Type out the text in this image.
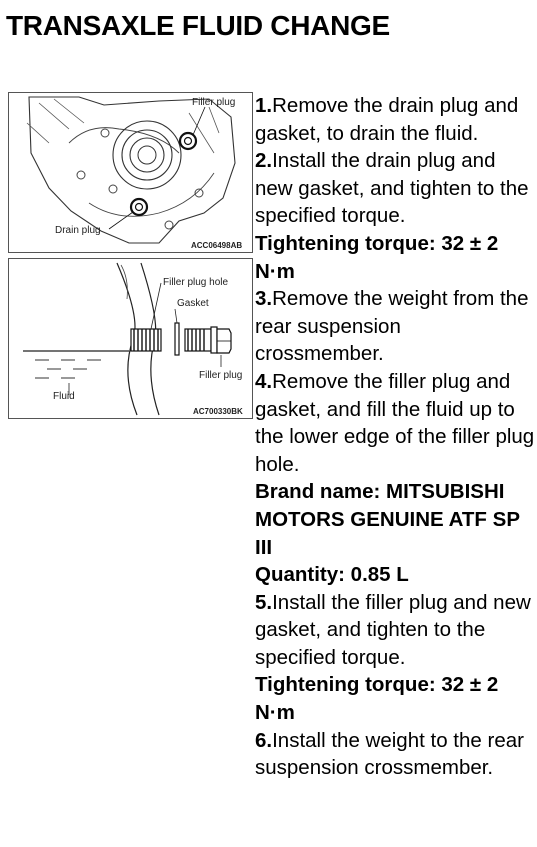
TRANSAXLE FLUID CHANGE
Filler plug
Drain plug
ACC06498AB
Filler plug hole
Gasket
Filler plug
Fluid
AC700330BK

1.Remove the drain plug and gasket, to drain the fluid.

2.Install the drain plug and new gasket, and tighten to the specified torque.

Tightening torque: 32 ± 2 N·m

3.Remove the weight from the rear suspension crossmember.

4.Remove the filler plug and gasket, and fill the fluid up to the lower edge of the filler plug hole.

Brand name: MITSUBISHI MOTORS GENUINE ATF SP III

Quantity: 0.85 L

5.Install the filler plug and new gasket, and tighten to the specified torque.

Tightening torque: 32 ± 2 N·m

6.Install the weight to the rear suspension crossmember.
